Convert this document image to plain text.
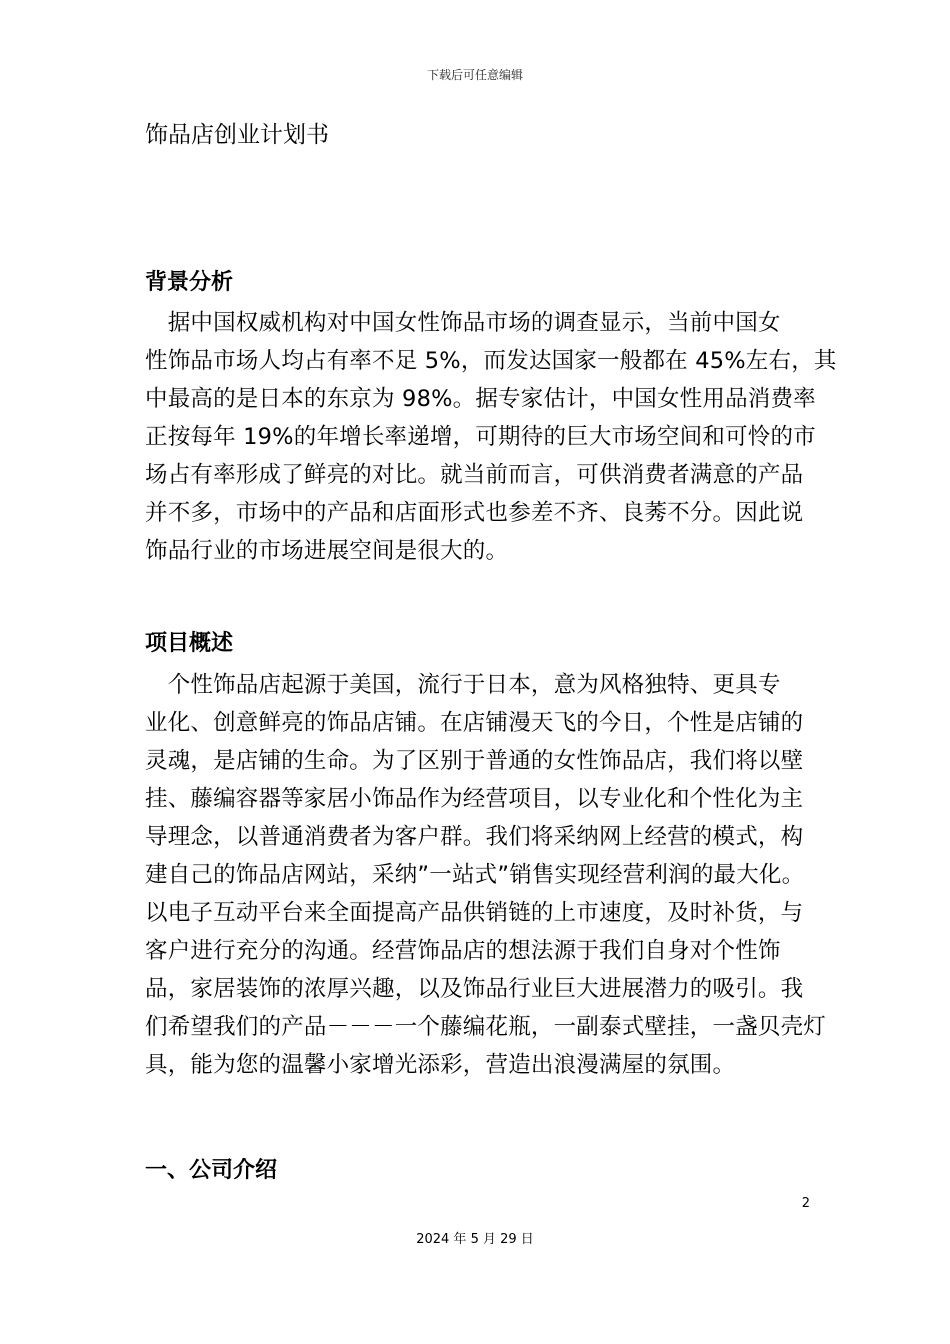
下载后可任意编辑
饰品店创业计划书
背景分析
　据中国权威机构对中国女性饰品市场的调查显示，当前中国女
性饰品市场人均占有率不足 5%，而发达国家一般都在 45%左右，其
中最高的是日本的东京为 98%。据专家估计，中国女性用品消费率
正按每年 19%的年增长率递增，可期待的巨大市场空间和可怜的市
场占有率形成了鲜亮的对比。就当前而言，可供消费者满意的产品
并不多，市场中的产品和店面形式也参差不齐、良莠不分。因此说
饰品行业的市场进展空间是很大的。
项目概述
　个性饰品店起源于美国，流行于日本，意为风格独特、更具专
业化、创意鲜亮的饰品店铺。在店铺漫天飞的今日，个性是店铺的
灵魂，是店铺的生命。为了区别于普通的女性饰品店，我们将以壁
挂、藤编容器等家居小饰品作为经营项目，以专业化和个性化为主
导理念，以普通消费者为客户群。我们将采纳网上经营的模式，构
建自己的饰品店网站，采纳”一站式”销售实现经营利润的最大化。
以电子互动平台来全面提高产品供销链的上市速度，及时补货，与
客户进行充分的沟通。经营饰品店的想法源于我们自身对个性饰
品，家居装饰的浓厚兴趣，以及饰品行业巨大进展潜力的吸引。我
们希望我们的产品－－－一个藤编花瓶，一副泰式壁挂，一盏贝壳灯
具，能为您的温馨小家增光添彩，营造出浪漫满屋的氛围。
一、公司介绍
2
2024 年 5 月 29 日
